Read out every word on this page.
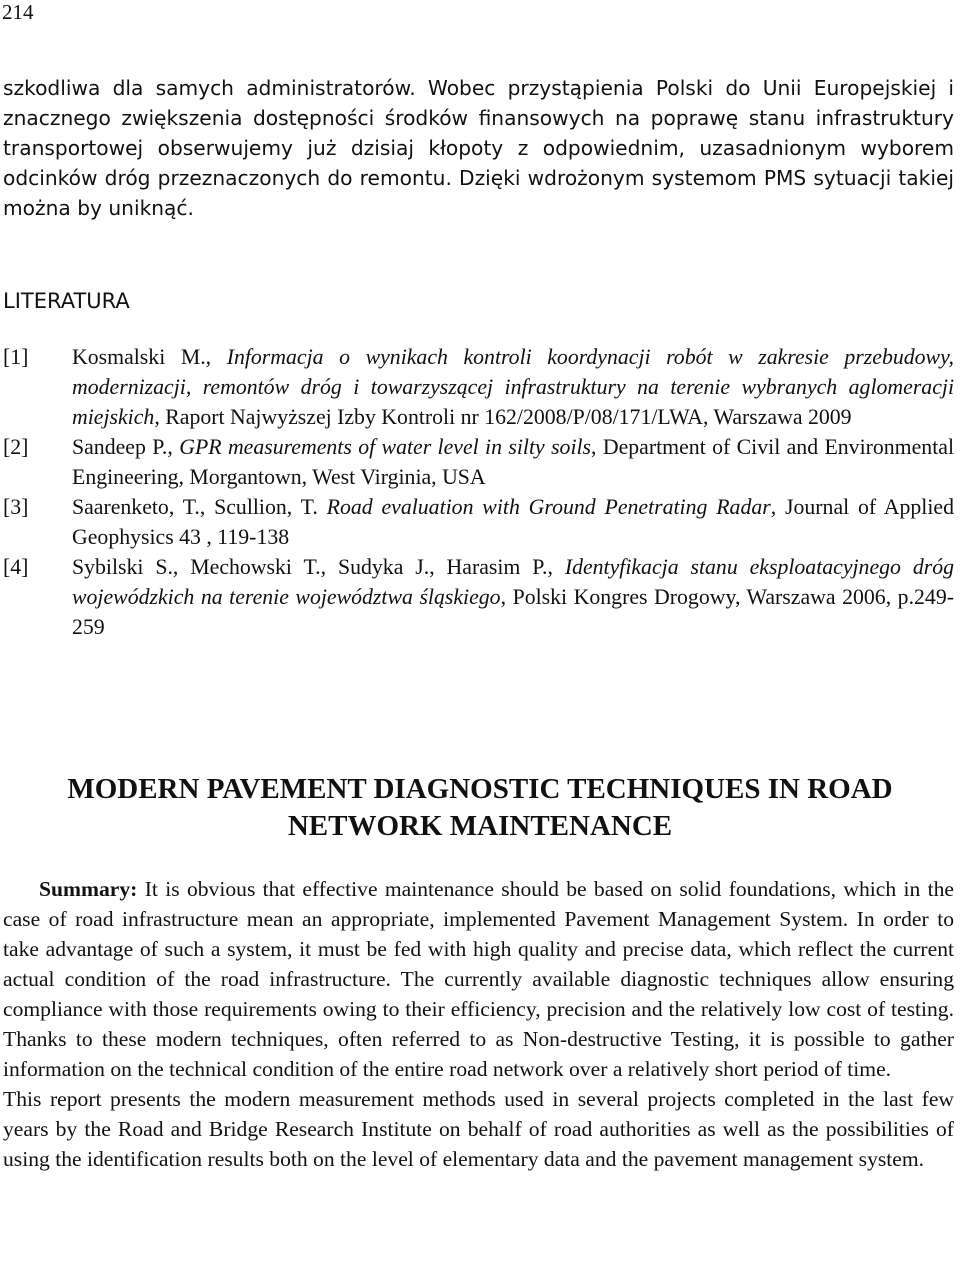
214
szkodliwa dla samych administratorów. Wobec przystąpienia Polski do Unii Europejskiej i znacznego zwiększenia dostępności środków finansowych na poprawę stanu infrastruktury transportowej obserwujemy już dzisiaj kłopoty z odpowiednim, uzasadnionym wyborem odcinków dróg przeznaczonych do remontu. Dzięki wdrożonym systemom PMS sytuacji takiej można by uniknąć.
LITERATURA
[1] Kosmalski M., Informacja o wynikach kontroli koordynacji robót w zakresie przebudowy, modernizacji, remontów dróg i towarzyszącej infrastruktury na terenie wybranych aglomeracji miejskich, Raport Najwyższej Izby Kontroli nr 162/2008/P/08/171/LWA, Warszawa 2009
[2] Sandeep P., GPR measurements of water level in silty soils, Department of Civil and Environmental Engineering, Morgantown, West Virginia, USA
[3] Saarenketo, T., Scullion, T. Road evaluation with Ground Penetrating Radar, Journal of Applied Geophysics 43 , 119-138
[4] Sybilski S., Mechowski T., Sudyka J., Harasim P., Identyfikacja stanu eksploatacyjnego dróg wojewódzkich na terenie województwa śląskiego, Polski Kongres Drogowy, Warszawa 2006, p.249-259
MODERN PAVEMENT DIAGNOSTIC TECHNIQUES IN ROAD
NETWORK MAINTENANCE

Summary: It is obvious that effective maintenance should be based on solid foundations, which in the case of road infrastructure mean an appropriate, implemented Pavement Management System. In order to take advantage of such a system, it must be fed with high quality and precise data, which reflect the current actual condition of the road infrastructure. The currently available diagnostic techniques allow ensuring compliance with those requirements owing to their efficiency, precision and the relatively low cost of testing. Thanks to these modern techniques, often referred to as Non-destructive Testing, it is possible to gather information on the technical condition of the entire road network over a relatively short period of time.

This report presents the modern measurement methods used in several projects completed in the last few years by the Road and Bridge Research Institute on behalf of road authorities as well as the possibilities of using the identification results both on the level of elementary data and the pavement management system.
